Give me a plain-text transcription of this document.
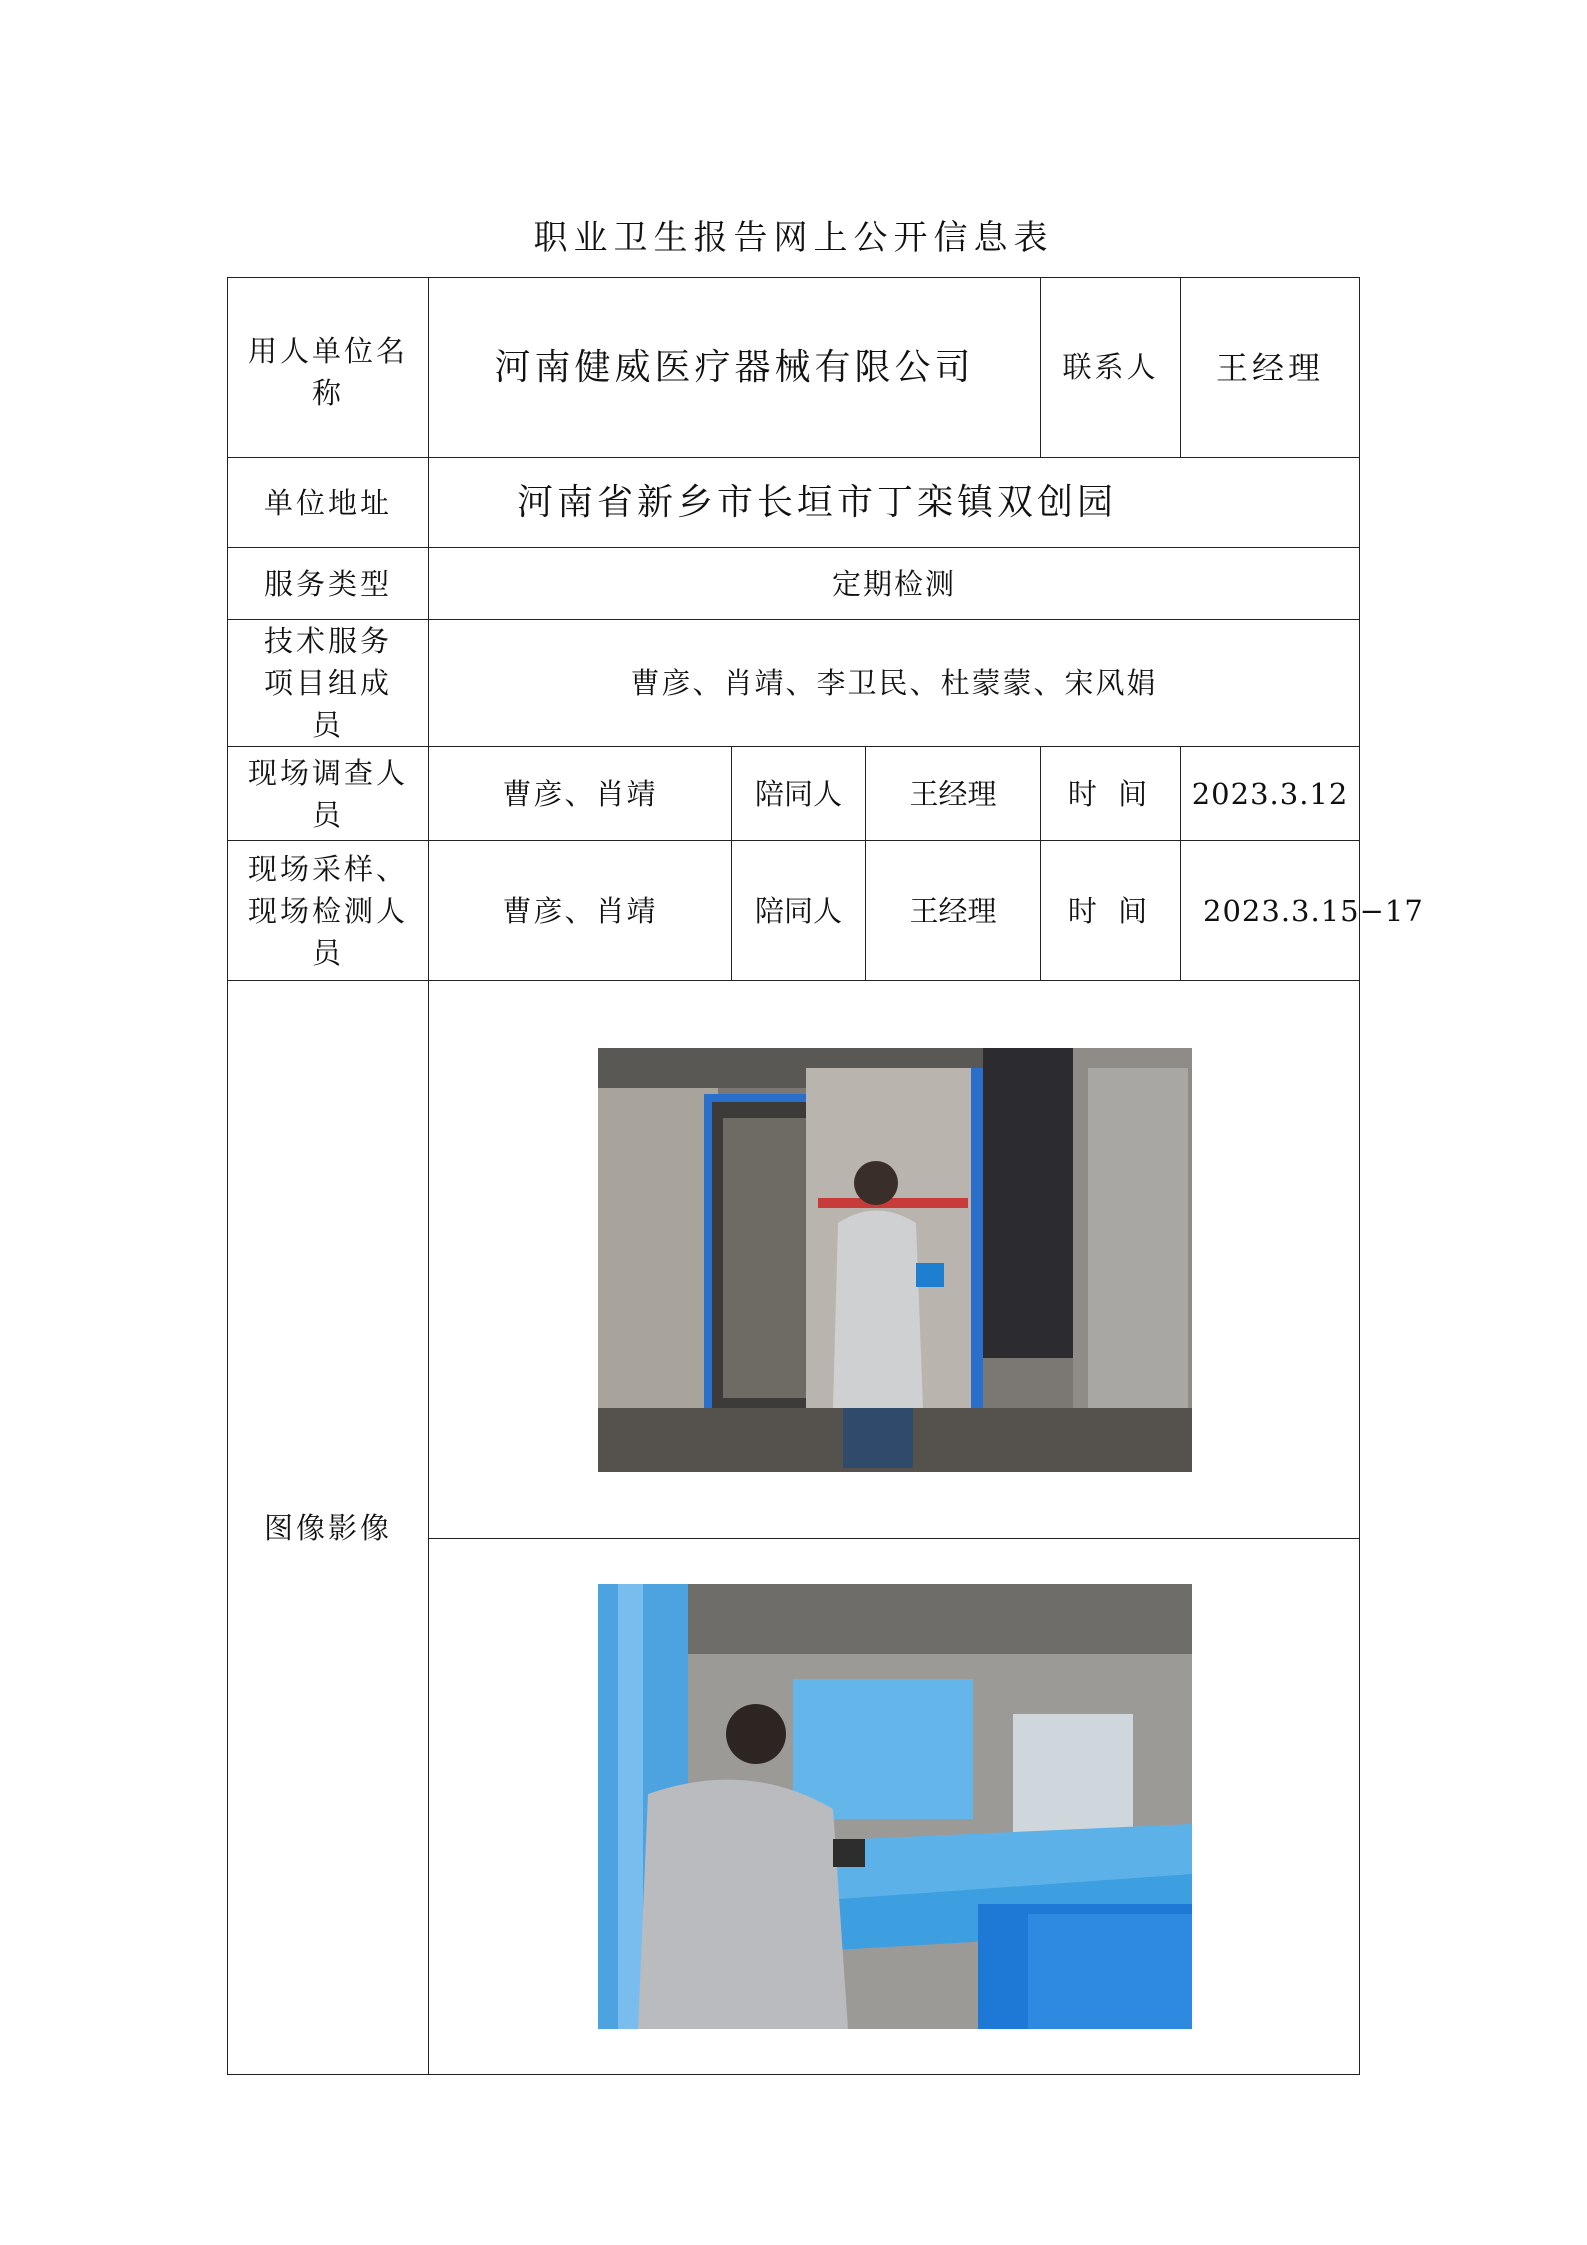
职业卫生报告网上公开信息表
用人单位名称	河南健威医疗器械有限公司			联系人	王经理
单位地址	河南省新乡市长垣市丁栾镇双创园				
服务类型	定期检测				
技术服务项目组成员	曹彦、肖靖、李卫民、杜蒙蒙、宋风娟				
现场调查人员	曹彦、肖靖	陪同人	王经理	时 间	2023.3.12
现场采样、现场检测人员	曹彦、肖靖	陪同人	王经理	时 间	2023.3.15−17
图像影像	
